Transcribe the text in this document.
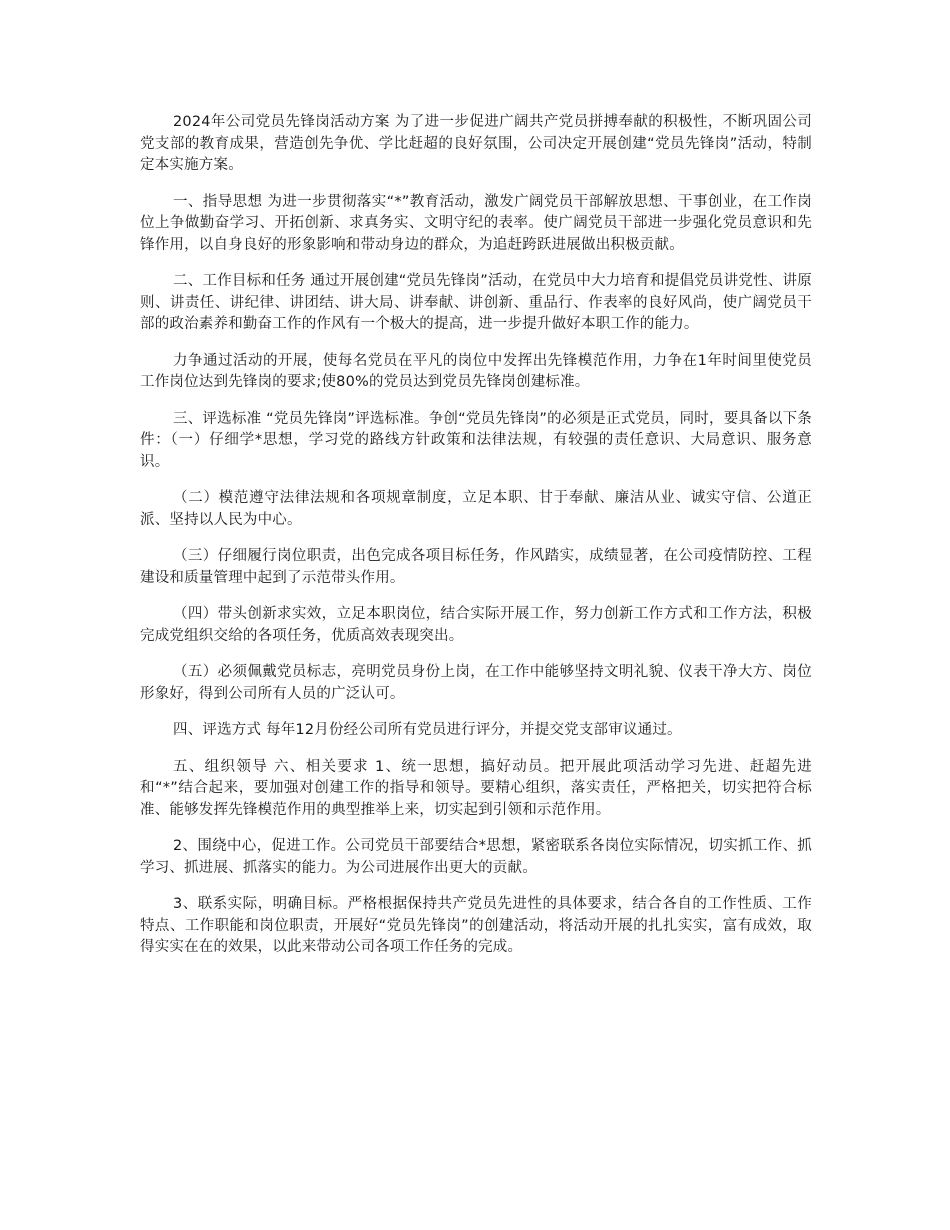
2024年公司党员先锋岗活动方案 为了进一步促进广阔共产党员拼搏奉献的积极性，不断巩固公司党支部的教育成果，营造创先争优、学比赶超的良好氛围，公司决定开展创建“党员先锋岗”活动，特制定本实施方案。

一、指导思想 为进一步贯彻落实“*”教育活动，激发广阔党员干部解放思想、干事创业，在工作岗位上争做勤奋学习、开拓创新、求真务实、文明守纪的表率。使广阔党员干部进一步强化党员意识和先锋作用，以自身良好的形象影响和带动身边的群众，为追赶跨跃进展做出积极贡献。

二、工作目标和任务 通过开展创建“党员先锋岗”活动，在党员中大力培育和提倡党员讲党性、讲原则、讲责任、讲纪律、讲团结、讲大局、讲奉献、讲创新、重品行、作表率的良好风尚，使广阔党员干部的政治素养和勤奋工作的作风有一个极大的提高，进一步提升做好本职工作的能力。

力争通过活动的开展，使每名党员在平凡的岗位中发挥出先锋模范作用，力争在1年时间里使党员工作岗位达到先锋岗的要求;使80%的党员达到党员先锋岗创建标准。

三、评选标准 “党员先锋岗”评选标准。争创“党员先锋岗”的必须是正式党员，同时，要具备以下条件：（一）仔细学*思想，学习党的路线方针政策和法律法规，有较强的责任意识、大局意识、服务意识。

（二）模范遵守法律法规和各项规章制度，立足本职、甘于奉献、廉洁从业、诚实守信、公道正派、坚持以人民为中心。

（三）仔细履行岗位职责，出色完成各项目标任务，作风踏实，成绩显著，在公司疫情防控、工程建设和质量管理中起到了示范带头作用。

（四）带头创新求实效，立足本职岗位，结合实际开展工作，努力创新工作方式和工作方法，积极完成党组织交给的各项任务，优质高效表现突出。

（五）必须佩戴党员标志，亮明党员身份上岗，在工作中能够坚持文明礼貌、仪表干净大方、岗位形象好，得到公司所有人员的广泛认可。

四、评选方式 每年12月份经公司所有党员进行评分，并提交党支部审议通过。

五、组织领导 六、相关要求 1、统一思想，搞好动员。把开展此项活动学习先进、赶超先进和“*”结合起来，要加强对创建工作的指导和领导。要精心组织，落实责任，严格把关，切实把符合标准、能够发挥先锋模范作用的典型推举上来，切实起到引领和示范作用。

2、围绕中心，促进工作。公司党员干部要结合*思想，紧密联系各岗位实际情况，切实抓工作、抓学习、抓进展、抓落实的能力。为公司进展作出更大的贡献。

3、联系实际，明确目标。严格根据保持共产党员先进性的具体要求，结合各自的工作性质、工作特点、工作职能和岗位职责，开展好“党员先锋岗”的创建活动，将活动开展的扎扎实实，富有成效，取得实实在在的效果，以此来带动公司各项工作任务的完成。
